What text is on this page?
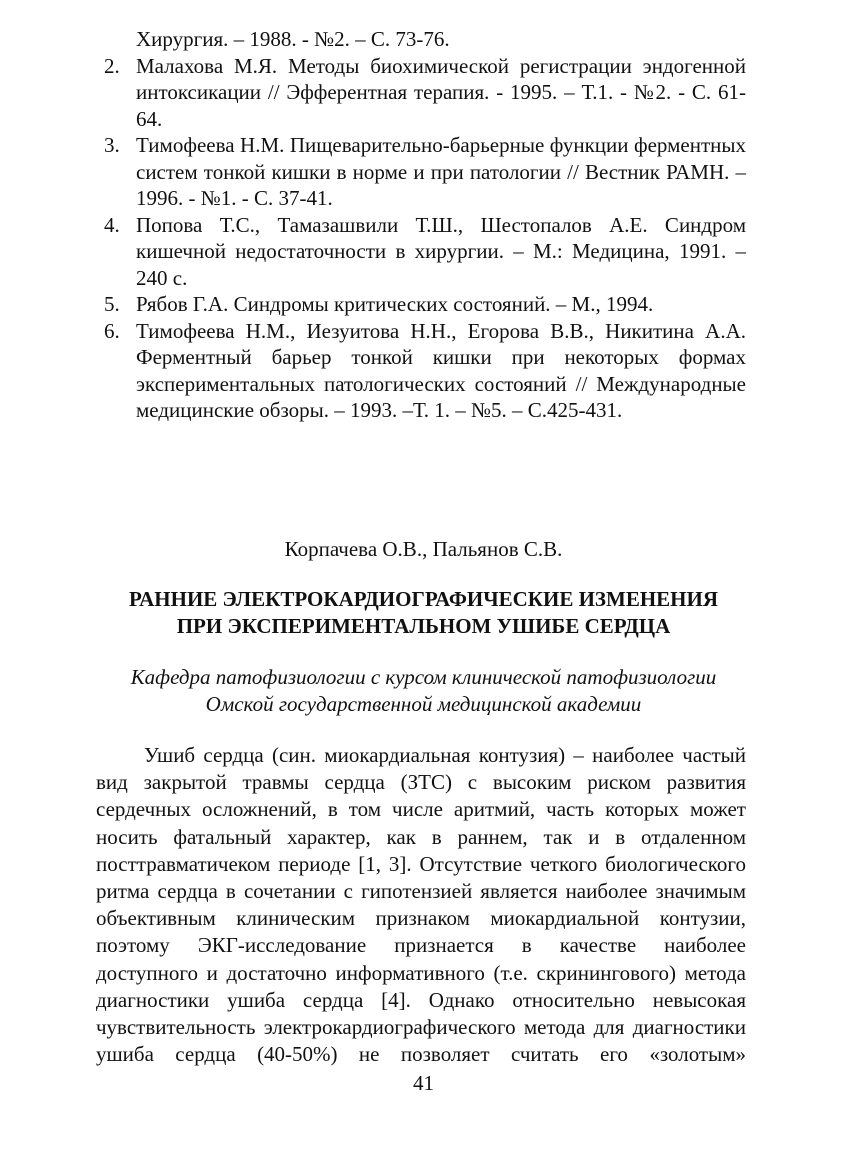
Хирургия. – 1988. - №2. – С. 73-76.
2. Малахова М.Я. Методы биохимической регистрации эндогенной интоксикации // Эфферентная терапия. - 1995. – Т.1. - №2. - С. 61-64.
3. Тимофеева Н.М. Пищеварительно-барьерные функции ферментных систем тонкой кишки в норме и при патологии // Вестник РАМН. – 1996. - №1. - С. 37-41.
4. Попова Т.С., Тамазашвили Т.Ш., Шестопалов А.Е. Синдром кишечной недостаточности в хирургии. – М.: Медицина, 1991. – 240 с.
5. Рябов Г.А. Синдромы критических состояний. – М., 1994.
6. Тимофеева Н.М., Иезуитова Н.Н., Егорова В.В., Никитина А.А. Ферментный барьер тонкой кишки при некоторых формах экспериментальных патологических состояний // Международные медицинские обзоры. – 1993. –Т. 1. – №5. – С.425-431.
Корпачева О.В., Пальянов С.В.
РАННИЕ ЭЛЕКТРОКАРДИОГРАФИЧЕСКИЕ ИЗМЕНЕНИЯ
ПРИ ЭКСПЕРИМЕНТАЛЬНОМ УШИБЕ СЕРДЦА
Кафедра патофизиологии с курсом клинической патофизиологии
Омской государственной медицинской академии
Ушиб сердца (син. миокардиальная контузия) – наиболее частый
вид закрытой травмы сердца (ЗТС) с высоким риском развития
сердечных осложнений, в том числе аритмий, часть которых может
носить фатальный характер, как в раннем, так и в отдаленном
посттравматичеком периоде [1, 3]. Отсутствие четкого биологического
ритма сердца в сочетании с гипотензией является наиболее значимым
объективным клиническим признаком миокардиальной контузии,
поэтому ЭКГ-исследование признается в качестве наиболее
доступного и достаточно информативного (т.е. скринингового) метода
диагностики ушиба сердца [4]. Однако относительно невысокая
чувствительность электрокардиографического метода для диагностики
ушиба сердца (40-50%) не позволяет считать его «золотым»
41
